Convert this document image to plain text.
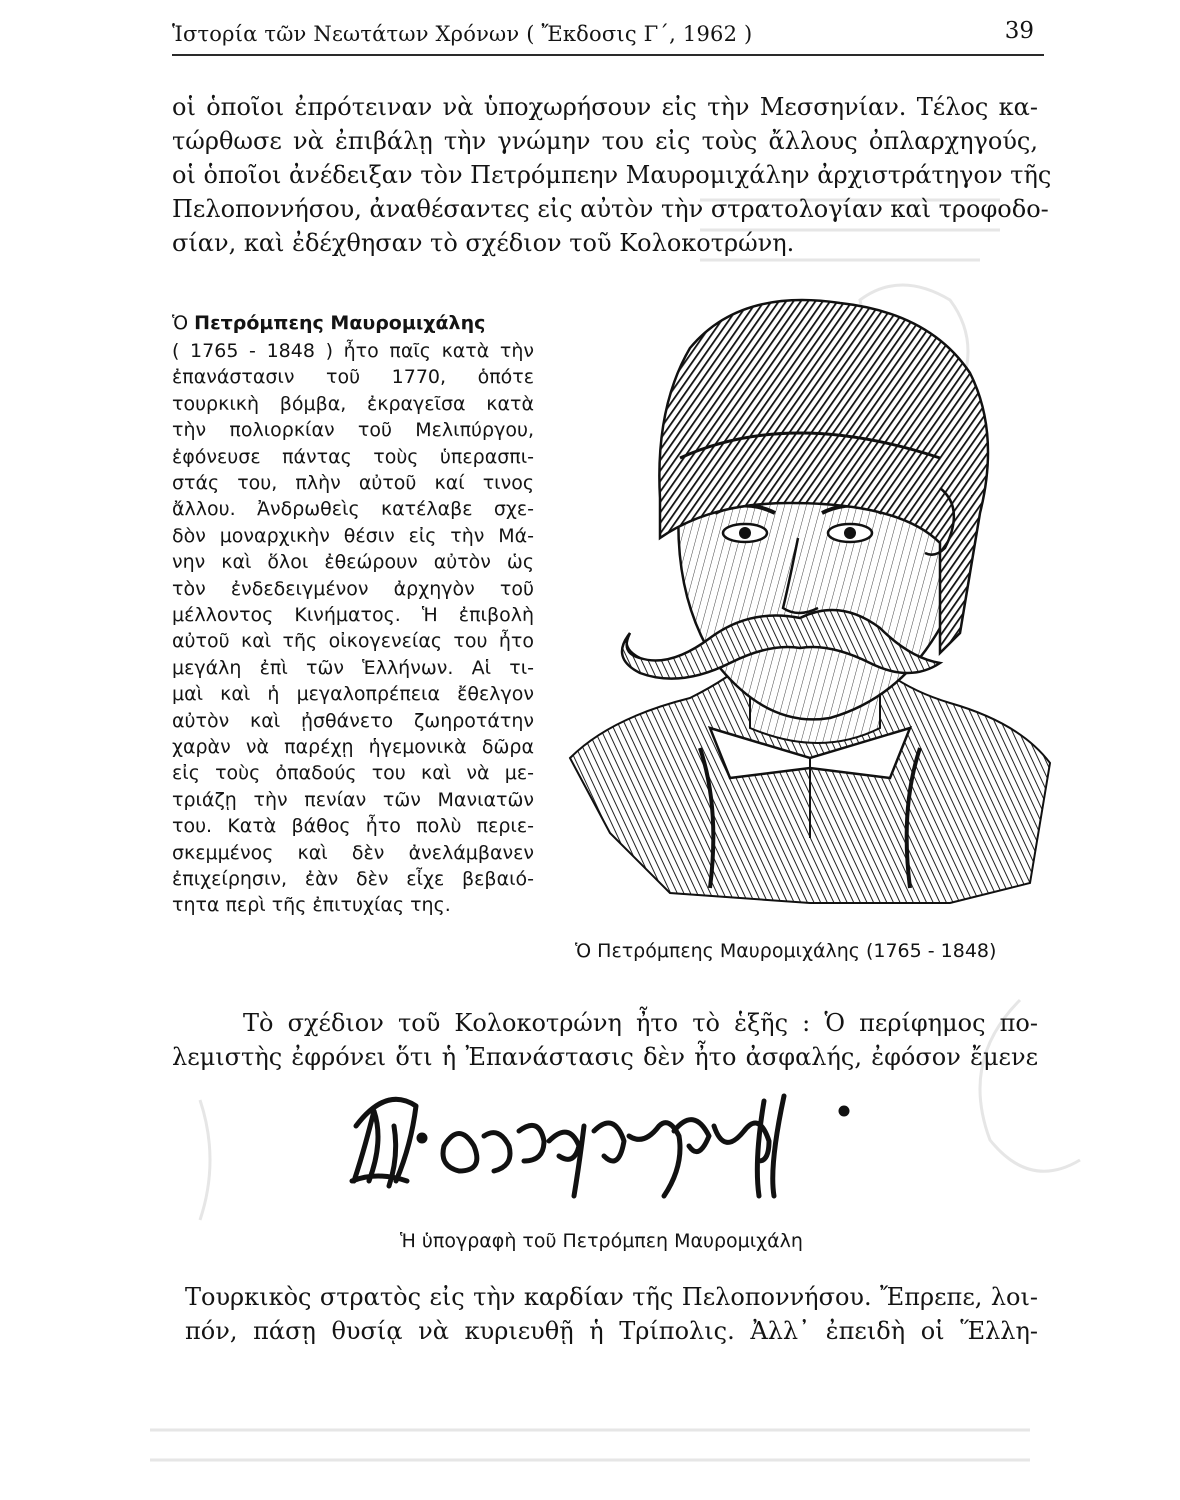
Ἱστορία τῶν Νεωτάτων Χρόνων ( Ἔκδοσις Γ΄, 1962 )	39
οἱ ὁποῖοι ἐπρότειναν νὰ ὑποχωρήσουν εἰς τὴν Μεσσηνίαν. Τέλος κα-
τώρθωσε νὰ ἐπιβάλῃ τὴν γνώμην του εἰς τοὺς ἄλλους ὀπλαρχηγούς,
οἱ ὁποῖοι ἀνέδειξαν τὸν Πετρόμπεην Μαυρομιχάλην ἀρχιστράτηγον τῆς
Πελοποννήσου, ἀναθέσαντες εἰς αὐτὸν τὴν στρατολογίαν καὶ τροφοδο-
σίαν, καὶ ἐδέχθησαν τὸ σχέδιον τοῦ Κολοκοτρώνη.
Ὁ Πετρόμπεης Μαυρομιχάλης
( 1765 - 1848 ) ἦτο παῖς κατὰ τὴν
ἐπανάστασιν τοῦ 1770, ὁπότε
τουρκικὴ βόμβα, ἐκραγεῖσα κατὰ
τὴν πολιορκίαν τοῦ Μελιπύργου,
ἐφόνευσε πάντας τοὺς ὑπερασπι-
στάς του, πλὴν αὐτοῦ καί τινος
ἄλλου. Ἀνδρωθεὶς κατέλαβε σχε-
δὸν μοναρχικὴν θέσιν εἰς τὴν Μά-
νην καὶ ὅλοι ἐθεώρουν αὐτὸν ὡς
τὸν ἐνδεδειγμένον ἀρχηγὸν τοῦ
μέλλοντος Κινήματος. Ἡ ἐπιβολὴ
αὐτοῦ καὶ τῆς οἰκογενείας του ἦτο
μεγάλη ἐπὶ τῶν Ἑλλήνων. Αἱ τι-
μαὶ καὶ ἡ μεγαλοπρέπεια ἔθελγον
αὐτὸν καὶ ᾐσθάνετο ζωηροτάτην
χαρὰν νὰ παρέχῃ ἡγεμονικὰ δῶρα
εἰς τοὺς ὀπαδούς του καὶ νὰ με-
τριάζῃ τὴν πενίαν τῶν Μανιατῶν
του. Κατὰ βάθος ἦτο πολὺ περιε-
σκεμμένος καὶ δὲν ἀνελάμβανεν
ἐπιχείρησιν, ἐὰν δὲν εἶχε βεβαιό-
τητα περὶ τῆς ἐπιτυχίας της.
Ὁ Πετρόμπεης Μαυρομιχάλης (1765 - 1848)
Τὸ σχέδιον τοῦ Κολοκοτρώνη ἦτο τὸ ἑξῆς : Ὁ περίφημος πο-
λεμιστὴς ἐφρόνει ὅτι ἡ Ἐπανάστασις δὲν ἦτο ἀσφαλής, ἐφόσον ἔμενε
Ἡ ὑπογραφὴ τοῦ Πετρόμπεη Μαυρομιχάλη
Τουρκικὸς στρατὸς εἰς τὴν καρδίαν τῆς Πελοποννήσου. Ἔπρεπε, λοι-
πόν, πάσῃ θυσίᾳ νὰ κυριευθῇ ἡ Τρίπολις. Ἀλλ᾽ ἐπειδὴ οἱ Ἕλλη-
